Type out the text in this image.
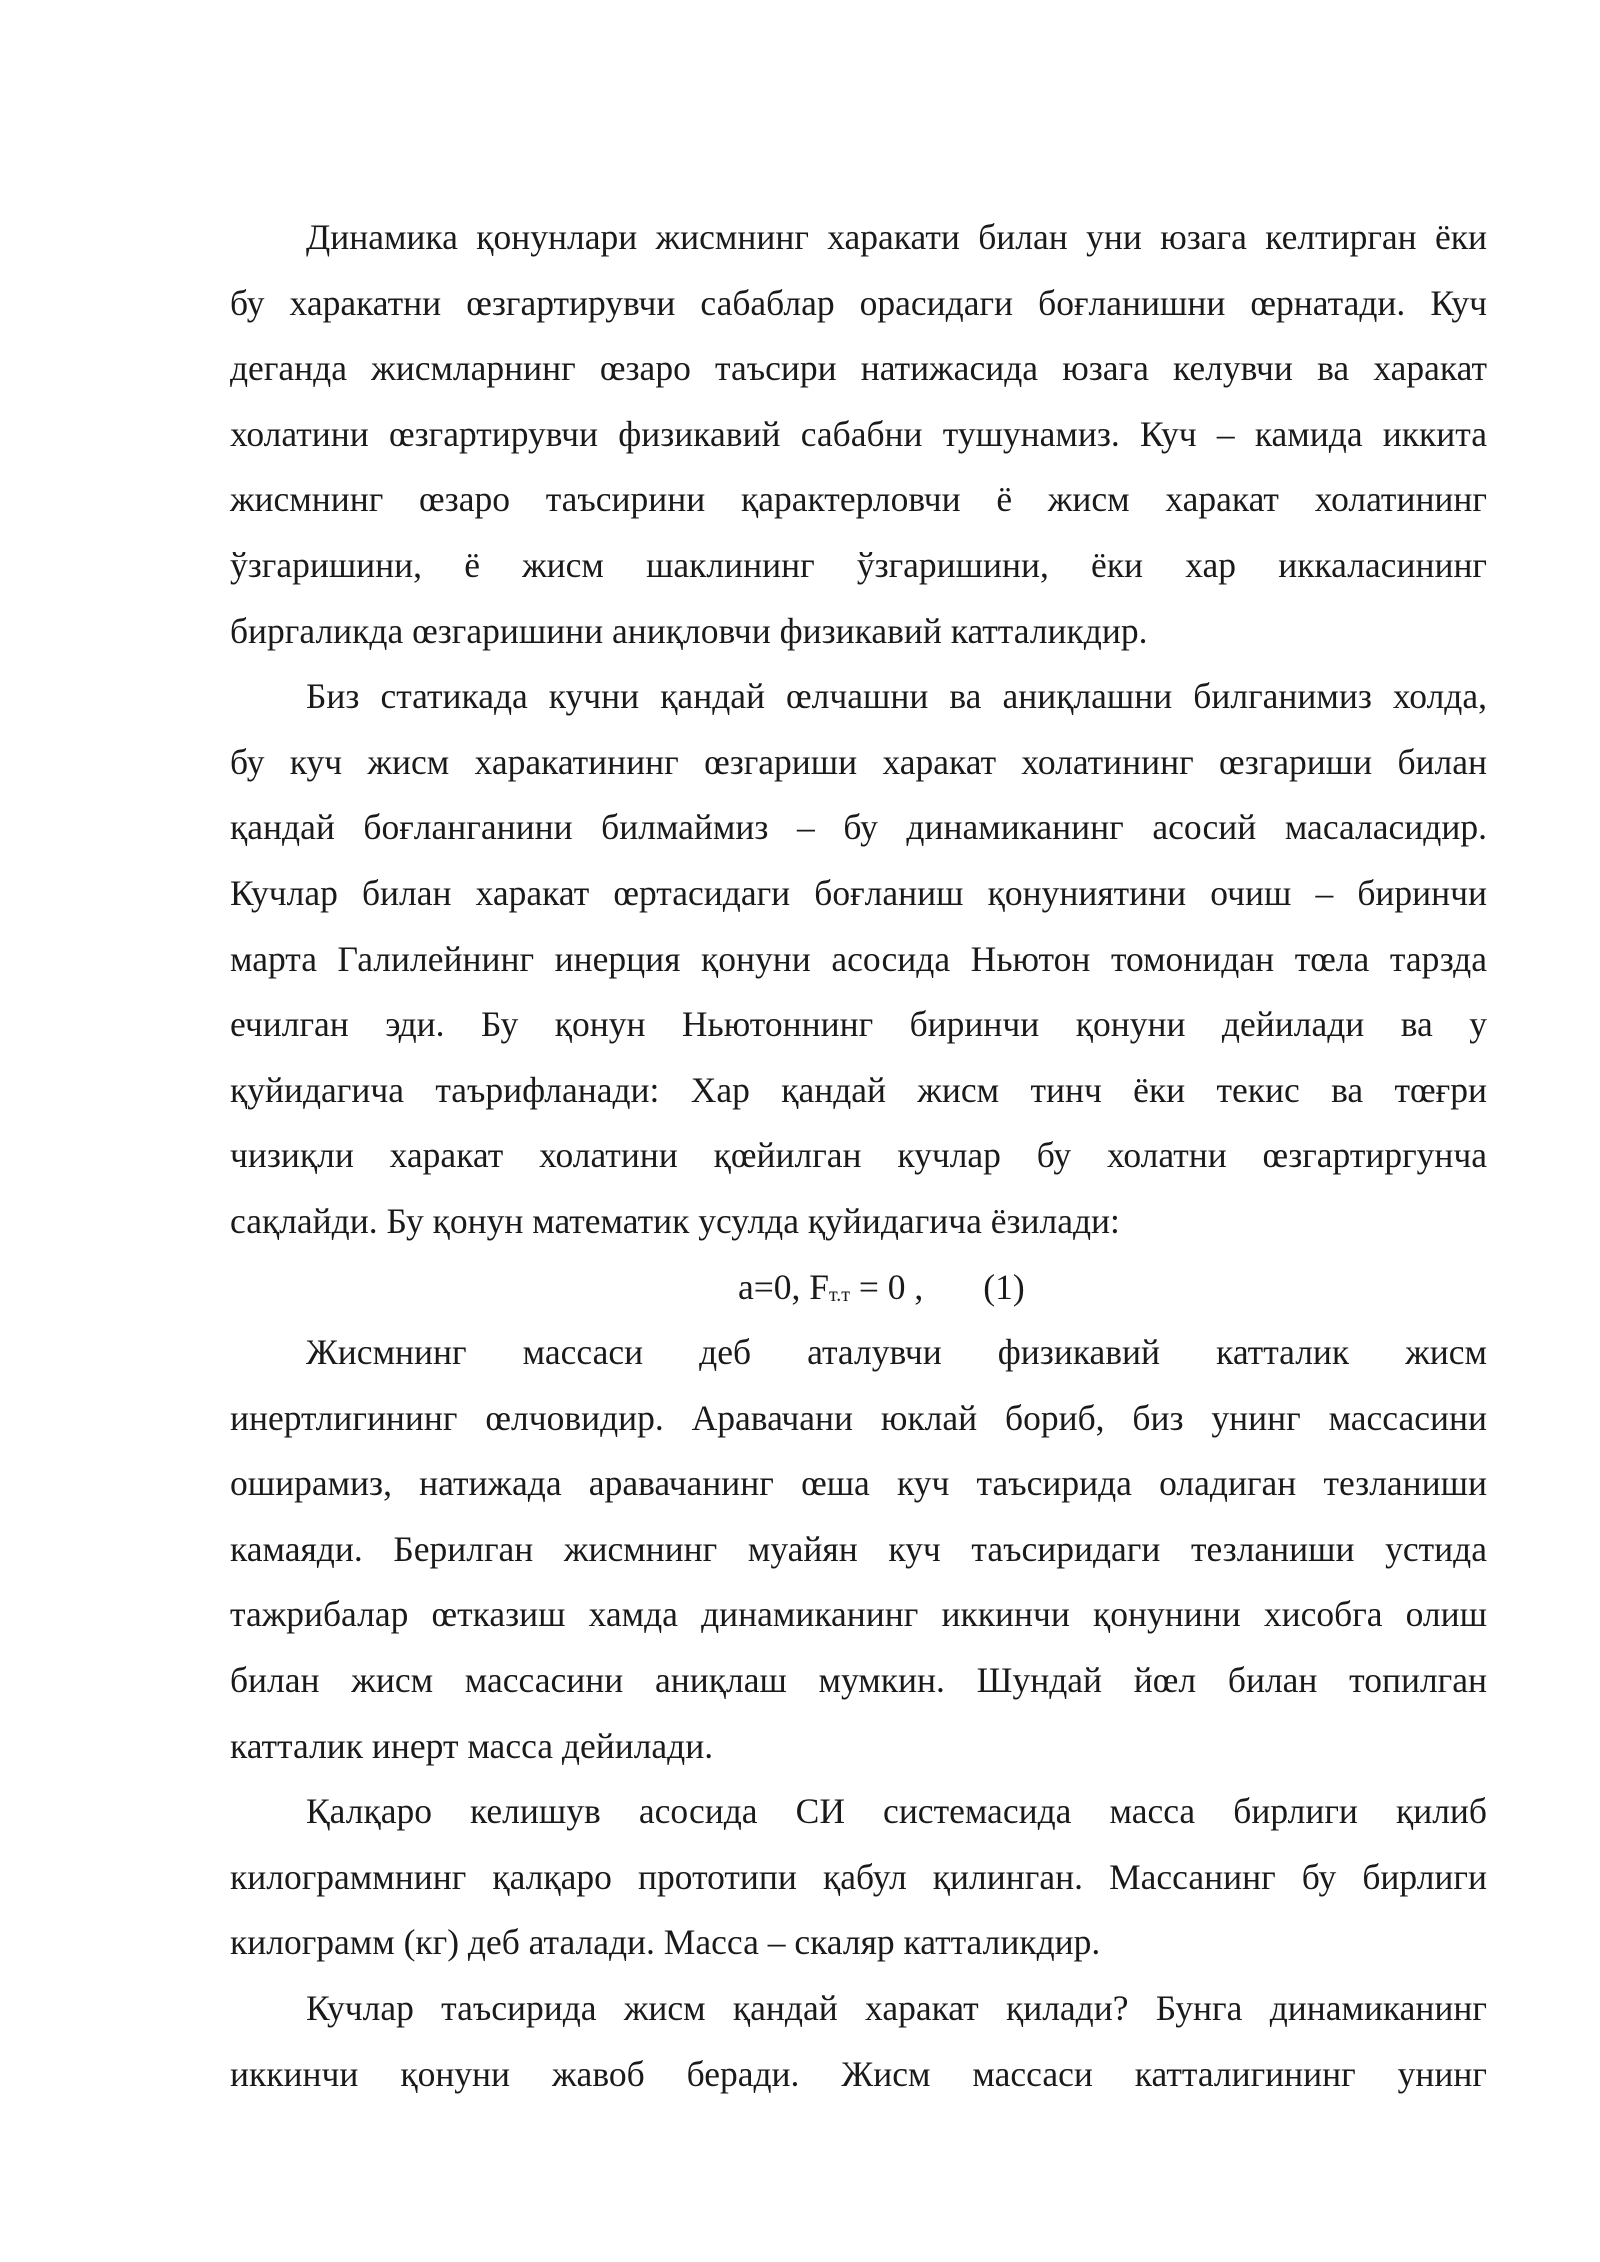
Динамика қонунлари жисмнинг харакати билан уни юзага келтирган ёки
бу харакатни œзгартирувчи сабаблар орасидаги боғланишни œрнатади. Куч
деганда жисмларнинг œзаро таъсири натижасида юзага келувчи ва харакат
холатини œзгартирувчи физикавий сабабни тушунамиз. Куч – камида иккита
жисмнинг œзаро таъсирини қарактерловчи ё жисм харакат холатининг
ўзгаришини, ё жисм шаклининг ўзгаришини, ёки хар иккаласининг
биргаликда œзгаришини аниқловчи физикавий катталикдир.
Биз статикада кучни қандай œлчашни ва аниқлашни билганимиз холда,
бу куч жисм харакатининг œзгариши харакат холатининг œзгариши билан
қандай боғланганини билмаймиз – бу динамиканинг асосий масаласидир.
Кучлар билан харакат œртасидаги боғланиш қонуниятини очиш – биринчи
марта Галилейнинг инерция қонуни асосида Ньютон томонидан тœла тарзда
ечилган эди. Бу қонун Ньютоннинг биринчи қонуни дейилади ва у
қуйидагича таърифланади: Хар қандай жисм тинч ёки текис ва тœғри
чизиқли харакат холатини қœйилган кучлар бу холатни œзгартиргунча
сақлайди. Бу қонун математик усулда қуйидагича ёзилади:
a=0, $F_{т.т} = 0$ , (1)
Жисмнинг массаси деб аталувчи физикавий катталик жисм
инертлигининг œлчовидир. Аравачани юклай бориб, биз унинг массасини
оширамиз, натижада аравачанинг œша куч таъсирида оладиган тезланиши
камаяди. Берилган жисмнинг муайян куч таъсиридаги тезланиши устида
тажрибалар œтказиш хамда динамиканинг иккинчи қонунини хисобга олиш
билан жисм массасини аниқлаш мумкин. Шундай йœл билан топилган
катталик инерт масса дейилади.
Қалқаро келишув асосида СИ системасида масса бирлиги қилиб
килограммнинг қалқаро прототипи қабул қилинган. Массанинг бу бирлиги
килограмм (кг) деб аталади. Масса – скаляр катталикдир.
Кучлар таъсирида жисм қандай харакат қилади? Бунга динамиканинг
иккинчи қонуни жавоб беради. Жисм массаси катталигининг унинг
